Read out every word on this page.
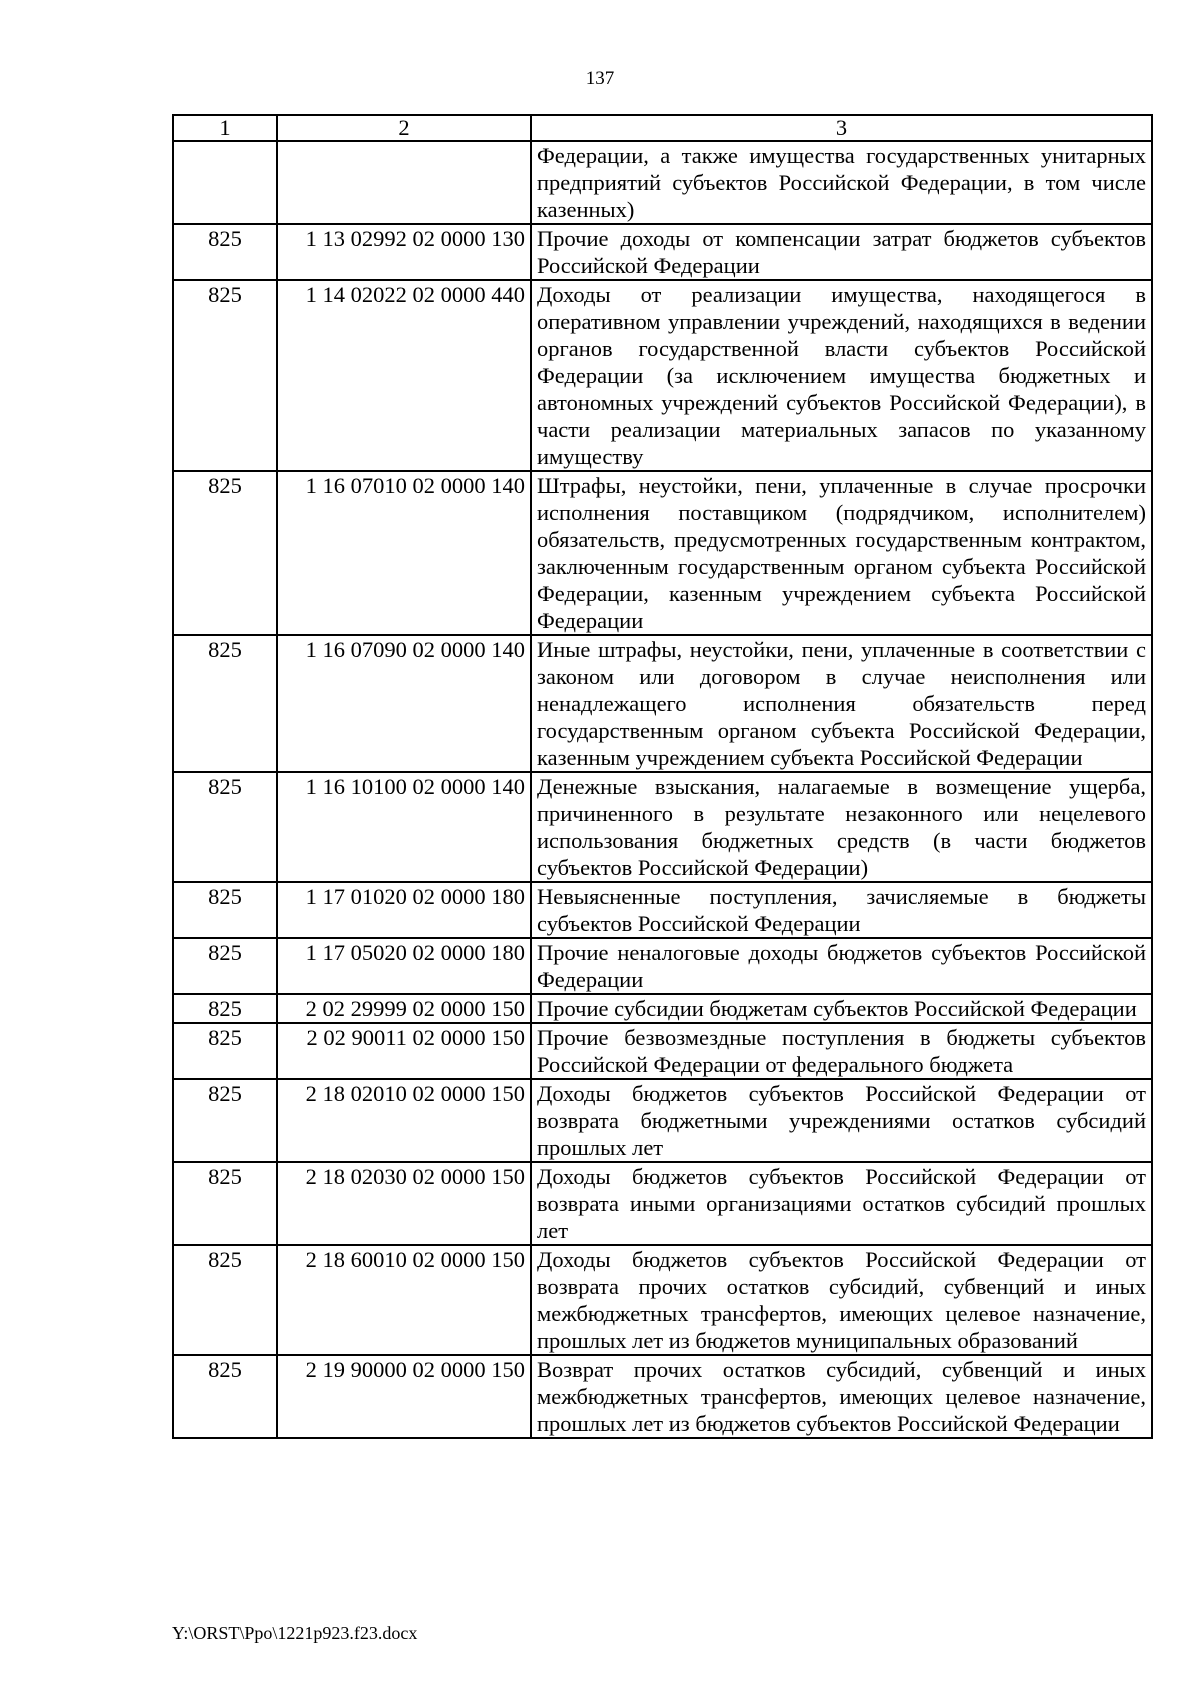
137
1	2	3
		Федерации, а также имущества государственных унитарных предприятий субъектов Российской Федерации, в том числе казенных)
825	1 13 02992 02 0000 130	Прочие доходы от компенсации затрат бюджетов субъектов Российской Федерации
825	1 14 02022 02 0000 440	Доходы от реализации имущества, находящегося в оперативном управлении учреждений, находящихся в ведении органов государственной власти субъектов Российской Федерации (за исключением имущества бюджетных и автономных учреждений субъектов Российской Федерации), в части реализации материальных запасов по указанному имуществу
825	1 16 07010 02 0000 140	Штрафы, неустойки, пени, уплаченные в случае просрочки исполнения поставщиком (подрядчиком, исполнителем) обязательств, предусмотренных государственным контрактом, заключенным государственным органом субъекта Российской Федерации, казенным учреждением субъекта Российской Федерации
825	1 16 07090 02 0000 140	Иные штрафы, неустойки, пени, уплаченные в соответствии с законом или договором в случае неисполнения или ненадлежащего исполнения обязательств перед государственным органом субъекта Российской Федерации, казенным учреждением субъекта Российской Федерации
825	1 16 10100 02 0000 140	Денежные взыскания, налагаемые в возмещение ущерба, причиненного в результате незаконного или нецелевого использования бюджетных средств (в части бюджетов субъектов Российской Федерации)
825	1 17 01020 02 0000 180	Невыясненные поступления, зачисляемые в бюджеты субъектов Российской Федерации
825	1 17 05020 02 0000 180	Прочие неналоговые доходы бюджетов субъектов Российской Федерации
825	2 02 29999 02 0000 150	Прочие субсидии бюджетам субъектов Российской Федерации
825	2 02 90011 02 0000 150	Прочие безвозмездные поступления в бюджеты субъектов Российской Федерации от федерального бюджета
825	2 18 02010 02 0000 150	Доходы бюджетов субъектов Российской Федерации от возврата бюджетными учреждениями остатков субсидий прошлых лет
825	2 18 02030 02 0000 150	Доходы бюджетов субъектов Российской Федерации от возврата иными организациями остатков субсидий прошлых лет
825	2 18 60010 02 0000 150	Доходы бюджетов субъектов Российской Федерации от возврата прочих остатков субсидий, субвенций и иных межбюджетных трансфертов, имеющих целевое назначение, прошлых лет из бюджетов муниципальных образований
825	2 19 90000 02 0000 150	Возврат прочих остатков субсидий, субвенций и иных межбюджетных трансфертов, имеющих целевое назначение, прошлых лет из бюджетов субъектов Российской Федерации
Y:\ORST\Ppo\1221p923.f23.docx
